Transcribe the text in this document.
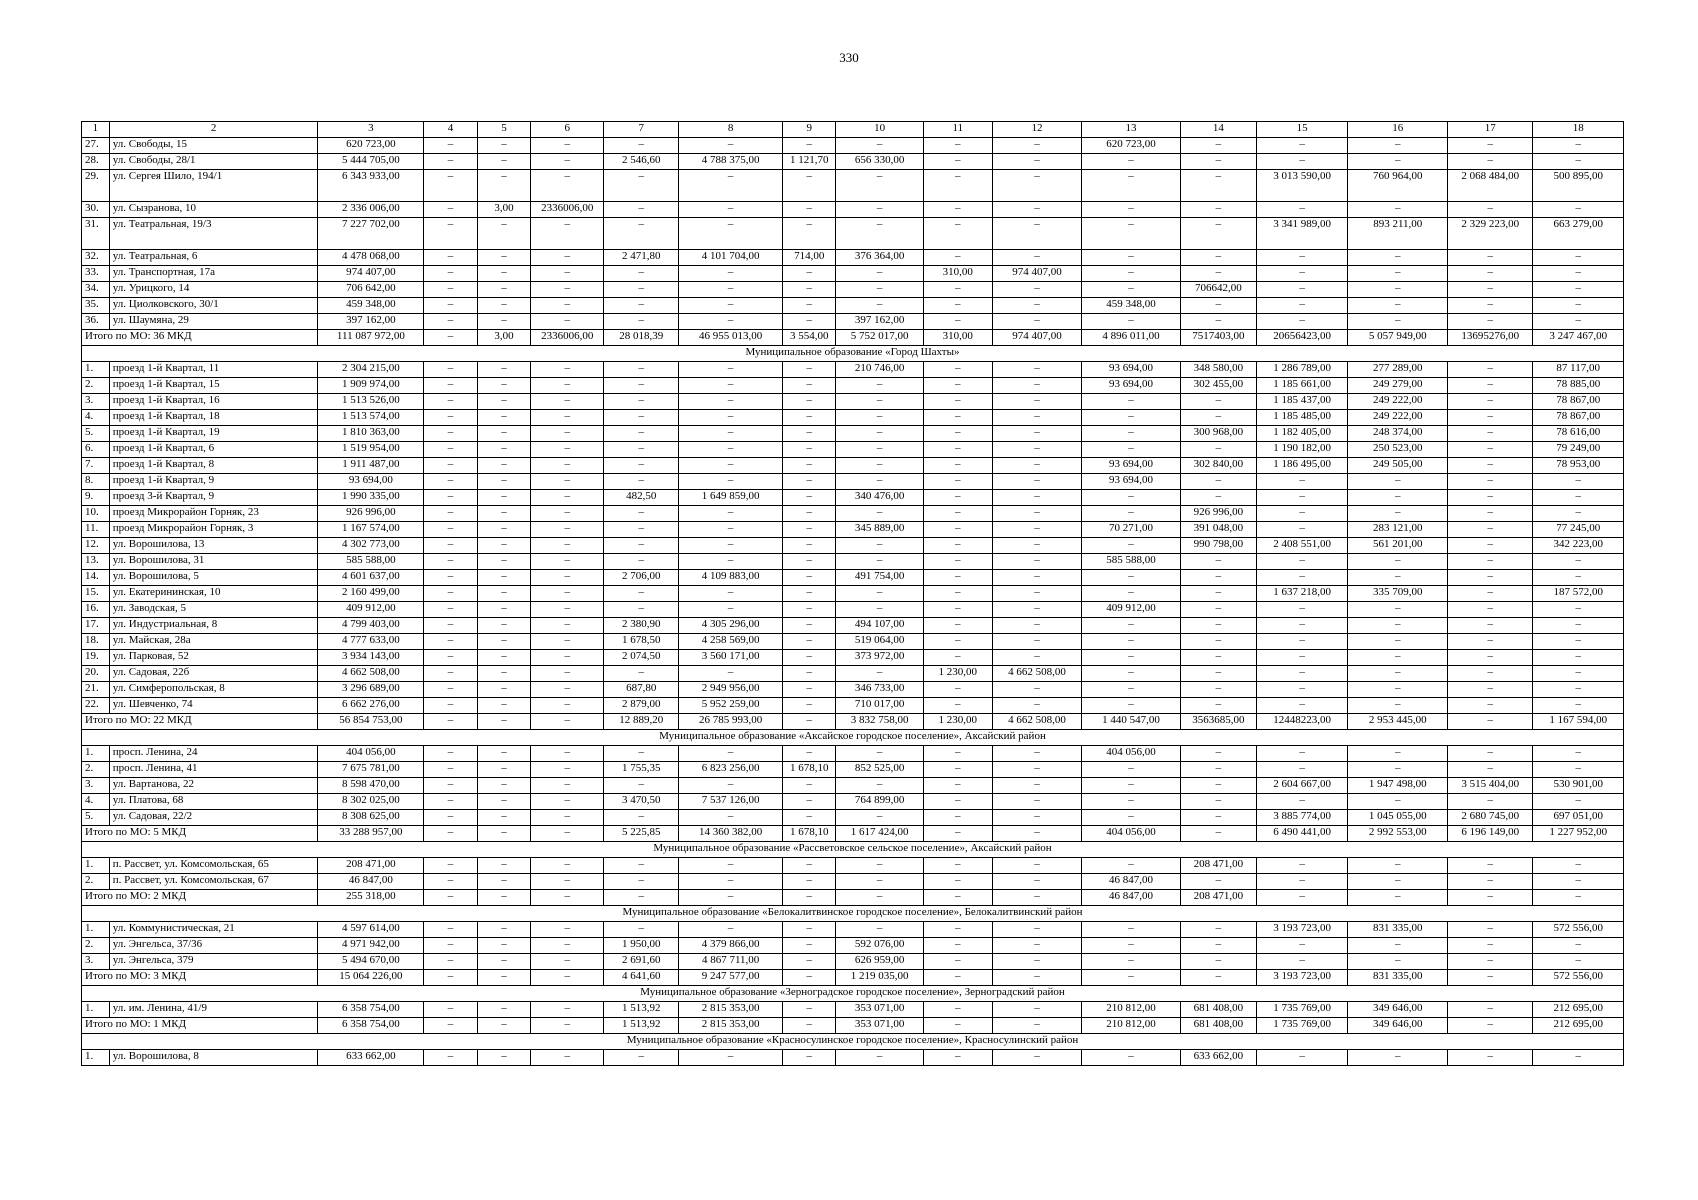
330
1	2	3	4	5	6	7	8	9	10	11	12	13	14	15	16	17	18
27.	ул. Свободы, 15	620 723,00	–	–	–	–	–	–	–	–	–	620 723,00	–	–	–	–	–
28.	ул. Свободы, 28/1	5 444 705,00	–	–	–	2 546,60	4 788 375,00	1 121,70	656 330,00	–	–	–	–	–	–	–	–
29.	ул. Сергея Шило, 194/1	6 343 933,00	–	–	–	–	–	–	–	–	–	–	–	3 013 590,00	760 964,00	2 068 484,00	500 895,00
30.	ул. Сызранова, 10	2 336 006,00	–	3,00	2336006,00	–	–	–	–	–	–	–	–	–	–	–	–
31.	ул. Театральная, 19/3	7 227 702,00	–	–	–	–	–	–	–	–	–	–	–	3 341 989,00	893 211,00	2 329 223,00	663 279,00
32.	ул. Театральная, 6	4 478 068,00	–	–	–	2 471,80	4 101 704,00	714,00	376 364,00	–	–	–	–	–	–	–	–
33.	ул. Транспортная, 17а	974 407,00	–	–	–	–	–	–	–	310,00	974 407,00	–	–	–	–	–	–
34.	ул. Урицкого, 14	706 642,00	–	–	–	–	–	–	–	–	–	–	706642,00	–	–	–	–
35.	ул. Циолковского, 30/1	459 348,00	–	–	–	–	–	–	–	–	–	459 348,00	–	–	–	–	–
36.	ул. Шаумяна, 29	397 162,00	–	–	–	–	–	–	397 162,00	–	–	–	–	–	–	–	–
Итого по МО: 36 МКД		111 087 972,00	–	3,00	2336006,00	28 018,39	46 955 013,00	3 554,00	5 752 017,00	310,00	974 407,00	4 896 011,00	7517403,00	20656423,00	5 057 949,00	13695276,00	3 247 467,00
Муниципальное образование «Город Шахты»																	
1.	проезд 1-й Квартал, 11	2 304 215,00	–	–	–	–	–	–	210 746,00	–	–	93 694,00	348 580,00	1 286 789,00	277 289,00	–	87 117,00
2.	проезд 1-й Квартал, 15	1 909 974,00	–	–	–	–	–	–	–	–	–	93 694,00	302 455,00	1 185 661,00	249 279,00	–	78 885,00
3.	проезд 1-й Квартал, 16	1 513 526,00	–	–	–	–	–	–	–	–	–	–	–	1 185 437,00	249 222,00	–	78 867,00
4.	проезд 1-й Квартал, 18	1 513 574,00	–	–	–	–	–	–	–	–	–	–	–	1 185 485,00	249 222,00	–	78 867,00
5.	проезд 1-й Квартал, 19	1 810 363,00	–	–	–	–	–	–	–	–	–	–	300 968,00	1 182 405,00	248 374,00	–	78 616,00
6.	проезд 1-й Квартал, 6	1 519 954,00	–	–	–	–	–	–	–	–	–	–	–	1 190 182,00	250 523,00	–	79 249,00
7.	проезд 1-й Квартал, 8	1 911 487,00	–	–	–	–	–	–	–	–	–	93 694,00	302 840,00	1 186 495,00	249 505,00	–	78 953,00
8.	проезд 1-й Квартал, 9	93 694,00	–	–	–	–	–	–	–	–	–	93 694,00	–	–	–	–	–
9.	проезд 3-й Квартал, 9	1 990 335,00	–	–	–	482,50	1 649 859,00	–	340 476,00	–	–	–	–	–	–	–	–
10.	проезд Микрорайон Горняк, 23	926 996,00	–	–	–	–	–	–	–	–	–	–	926 996,00	–	–	–	–
11.	проезд Микрорайон Горняк, 3	1 167 574,00	–	–	–	–	–	–	345 889,00	–	–	70 271,00	391 048,00	–	283 121,00	–	77 245,00
12.	ул. Ворошилова, 13	4 302 773,00	–	–	–	–	–	–	–	–	–	–	990 798,00	2 408 551,00	561 201,00	–	342 223,00
13.	ул. Ворошилова, 31	585 588,00	–	–	–	–	–	–	–	–	–	585 588,00	–	–	–	–	–
14.	ул. Ворошилова, 5	4 601 637,00	–	–	–	2 706,00	4 109 883,00	–	491 754,00	–	–	–	–	–	–	–	–
15.	ул. Екатерининская, 10	2 160 499,00	–	–	–	–	–	–	–	–	–	–	–	1 637 218,00	335 709,00	–	187 572,00
16.	ул. Заводская, 5	409 912,00	–	–	–	–	–	–	–	–	–	409 912,00	–	–	–	–	–
17.	ул. Индустриальная, 8	4 799 403,00	–	–	–	2 380,90	4 305 296,00	–	494 107,00	–	–	–	–	–	–	–	–
18.	ул. Майская, 28а	4 777 633,00	–	–	–	1 678,50	4 258 569,00	–	519 064,00	–	–	–	–	–	–	–	–
19.	ул. Парковая, 52	3 934 143,00	–	–	–	2 074,50	3 560 171,00	–	373 972,00	–	–	–	–	–	–	–	–
20.	ул. Садовая, 22б	4 662 508,00	–	–	–	–	–	–	–	1 230,00	4 662 508,00	–	–	–	–	–	–
21.	ул. Симферопольская, 8	3 296 689,00	–	–	–	687,80	2 949 956,00	–	346 733,00	–	–	–	–	–	–	–	–
22.	ул. Шевченко, 74	6 662 276,00	–	–	–	2 879,00	5 952 259,00	–	710 017,00	–	–	–	–	–	–	–	–
Итого по МО: 22 МКД		56 854 753,00	–	–	–	12 889,20	26 785 993,00	–	3 832 758,00	1 230,00	4 662 508,00	1 440 547,00	3563685,00	12448223,00	2 953 445,00	–	1 167 594,00
Муниципальное образование «Аксайское городское поселение», Аксайский район																	
1.	просп. Ленина, 24	404 056,00	–	–	–	–	–	–	–	–	–	404 056,00	–	–	–	–	–
2.	просп. Ленина, 41	7 675 781,00	–	–	–	1 755,35	6 823 256,00	1 678,10	852 525,00	–	–	–	–	–	–	–	–
3.	ул. Вартанова, 22	8 598 470,00	–	–	–	–	–	–	–	–	–	–	–	2 604 667,00	1 947 498,00	3 515 404,00	530 901,00
4.	ул. Платова, 68	8 302 025,00	–	–	–	3 470,50	7 537 126,00	–	764 899,00	–	–	–	–	–	–	–	–
5.	ул. Садовая, 22/2	8 308 625,00	–	–	–	–	–	–	–	–	–	–	–	3 885 774,00	1 045 055,00	2 680 745,00	697 051,00
Итого по МО: 5 МКД		33 288 957,00	–	–	–	5 225,85	14 360 382,00	1 678,10	1 617 424,00	–	–	404 056,00	–	6 490 441,00	2 992 553,00	6 196 149,00	1 227 952,00
Муниципальное образование «Рассветовское сельское поселение», Аксайский район																	
1.	п. Рассвет, ул. Комсомольская, 65	208 471,00	–	–	–	–	–	–	–	–	–	–	208 471,00	–	–	–	–
2.	п. Рассвет, ул. Комсомольская, 67	46 847,00	–	–	–	–	–	–	–	–	–	46 847,00	–	–	–	–	–
Итого по МО: 2 МКД		255 318,00	–	–	–	–	–	–	–	–	–	46 847,00	208 471,00	–	–	–	–
Муниципальное образование «Белокалитвинское городское поселение», Белокалитвинский район																	
1.	ул. Коммунистическая, 21	4 597 614,00	–	–	–	–	–	–	–	–	–	–	–	3 193 723,00	831 335,00	–	572 556,00
2.	ул. Энгельса, 37/36	4 971 942,00	–	–	–	1 950,00	4 379 866,00	–	592 076,00	–	–	–	–	–	–	–	–
3.	ул. Энгельса, 379	5 494 670,00	–	–	–	2 691,60	4 867 711,00	–	626 959,00	–	–	–	–	–	–	–	–
Итого по МО: 3 МКД		15 064 226,00	–	–	–	4 641,60	9 247 577,00	–	1 219 035,00	–	–	–	–	3 193 723,00	831 335,00	–	572 556,00
Муниципальное образование «Зерноградское городское поселение», Зерноградский район																	
1.	ул. им. Ленина, 41/9	6 358 754,00	–	–	–	1 513,92	2 815 353,00	–	353 071,00	–	–	210 812,00	681 408,00	1 735 769,00	349 646,00	–	212 695,00
Итого по МО: 1 МКД		6 358 754,00	–	–	–	1 513,92	2 815 353,00	–	353 071,00	–	–	210 812,00	681 408,00	1 735 769,00	349 646,00	–	212 695,00
Муниципальное образование «Красносулинское городское поселение», Красносулинский район																	
1.	ул. Ворошилова, 8	633 662,00	–	–	–	–	–	–	–	–	–	–	633 662,00	–	–	–	–
